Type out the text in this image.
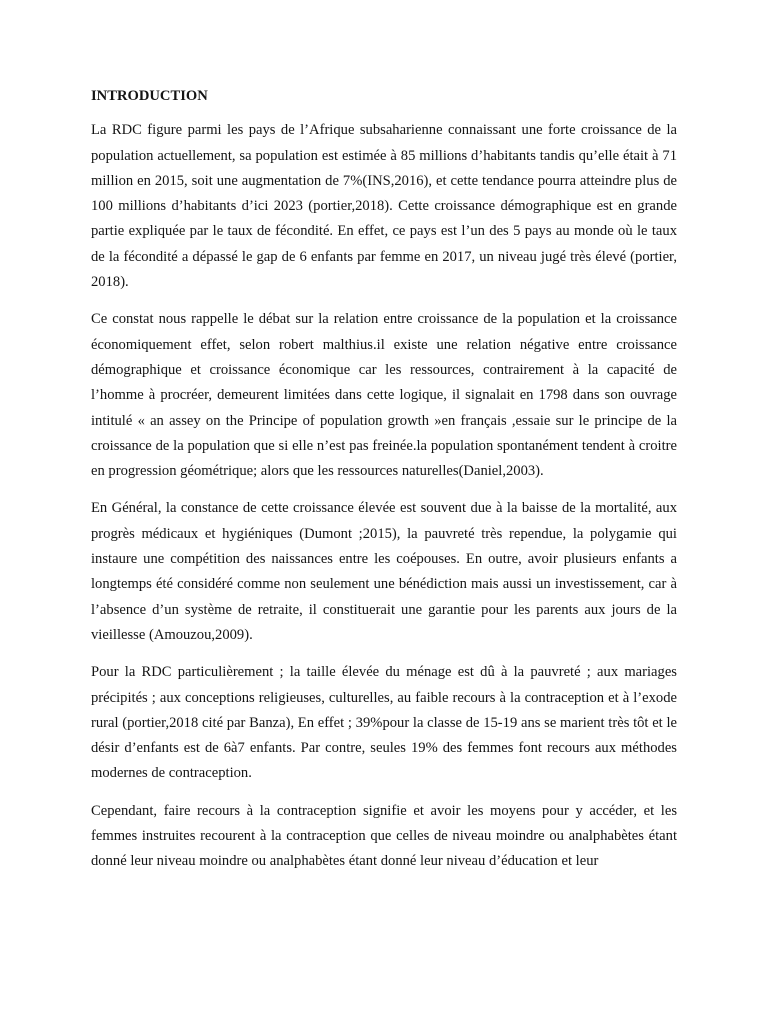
INTRODUCTION

La RDC figure parmi les pays de l’Afrique subsaharienne connaissant une forte croissance de la population actuellement, sa population est estimée à 85 millions d’habitants tandis qu’elle était à 71 million en 2015, soit une augmentation de 7%(INS,2016), et cette tendance pourra atteindre plus de 100 millions d’habitants d’ici 2023 (portier,2018). Cette croissance démographique est en grande partie expliquée par le taux de fécondité. En effet, ce pays est l’un des 5 pays au monde où le taux de la fécondité a dépassé le gap de 6 enfants par femme en 2017, un niveau jugé très élevé (portier, 2018).

Ce constat nous rappelle le débat sur la relation entre croissance de la population et la croissance économiquement effet, selon robert malthius.il existe une relation négative entre croissance démographique et croissance économique car les ressources, contrairement à la capacité de l’homme à procréer, demeurent limitées dans cette logique, il signalait en 1798 dans son ouvrage intitulé « an assey on the Principe of population growth »en français ,essaie sur le principe de la croissance de la population que si elle n’est pas freinée.la population spontanément tendent à croitre en progression géométrique; alors que les ressources naturelles(Daniel,2003).

En Général, la constance de cette croissance élevée est souvent due à la baisse de la mortalité, aux progrès médicaux et hygiéniques (Dumont ;2015), la pauvreté très rependue, la polygamie qui instaure une compétition des naissances entre les coépouses. En outre, avoir plusieurs enfants a longtemps été considéré comme non seulement une bénédiction mais aussi un investissement, car à l’absence d’un système de retraite, il constituerait une garantie pour les parents aux jours de la vieillesse (Amouzou,2009).

Pour la RDC particulièrement ; la taille élevée du ménage est dû à la pauvreté ; aux mariages précipités ; aux conceptions religieuses, culturelles, au faible recours à la contraception et à l’exode rural (portier,2018 cité par Banza), En effet ; 39%pour la classe de 15-19 ans se marient très tôt et le désir d’enfants est de 6à7 enfants. Par contre, seules 19% des femmes font recours aux méthodes modernes de contraception.

Cependant, faire recours à la contraception signifie et avoir les moyens pour y accéder, et les femmes instruites recourent à la contraception que celles de niveau moindre ou analphabètes étant donné leur niveau moindre ou analphabètes étant donné leur niveau d’éducation et leur
